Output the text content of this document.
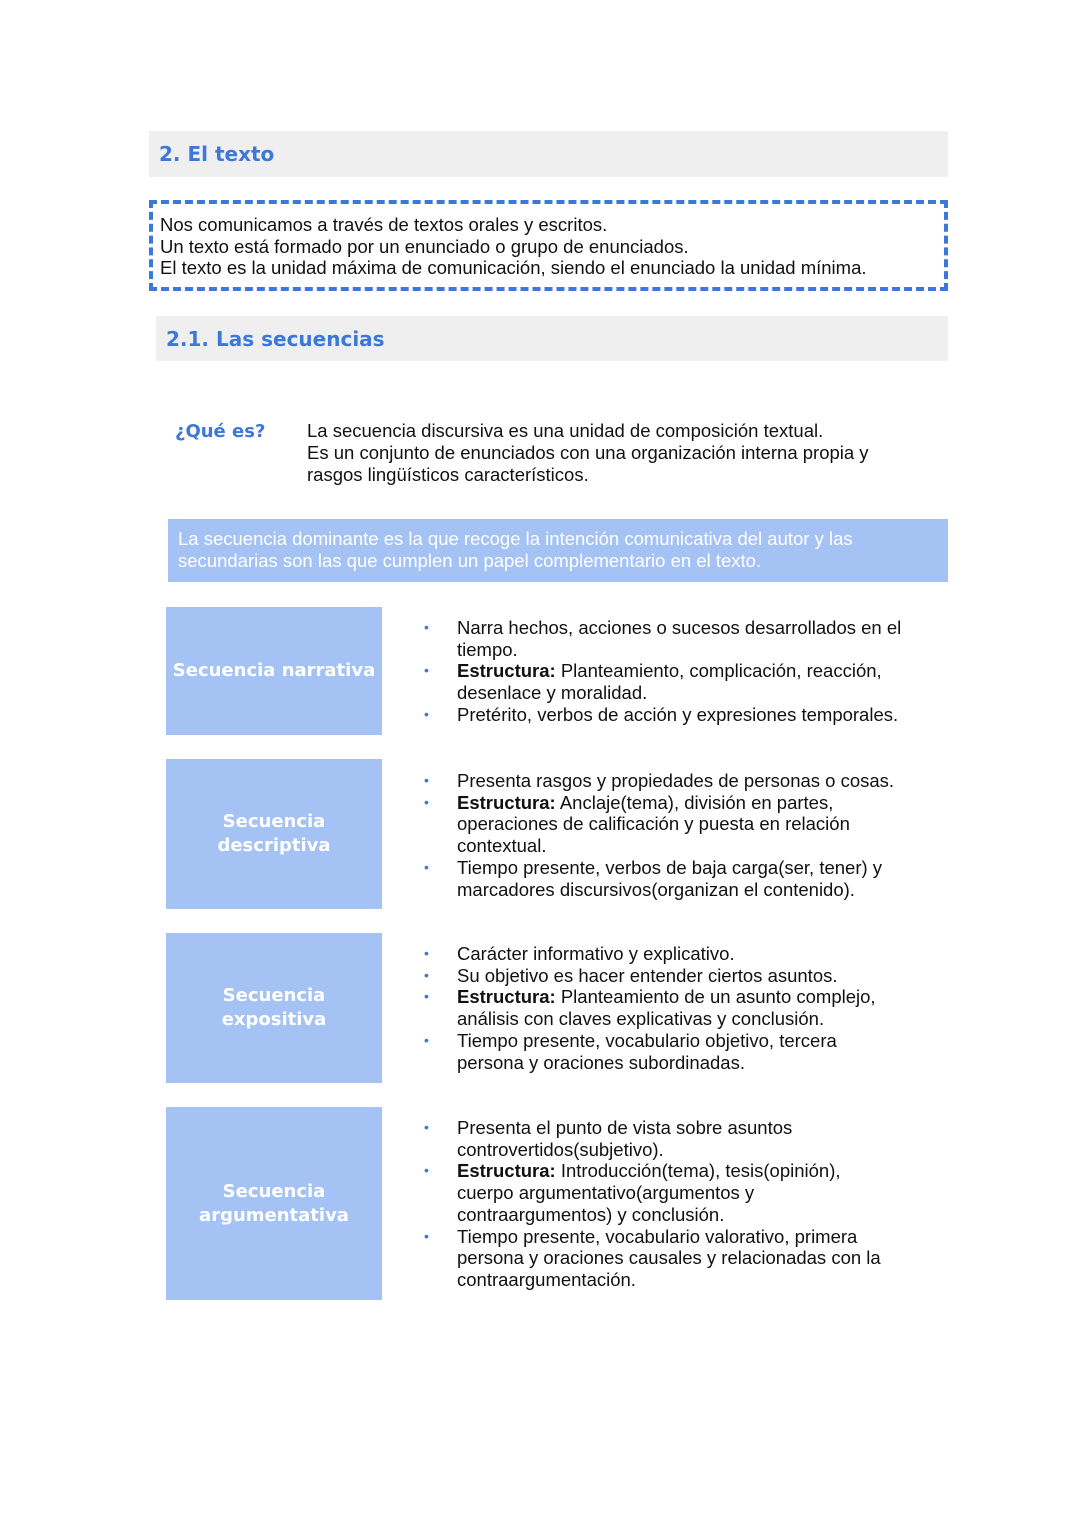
2. El texto
Nos comunicamos a través de textos orales y escritos.
Un texto está formado por un enunciado o grupo de enunciados.
El texto es la unidad máxima de comunicación, siendo el enunciado la unidad mínima.
2.1. Las secuencias
¿Qué es? La secuencia discursiva es una unidad de composición textual.
Es un conjunto de enunciados con una organización interna propia y
rasgos lingüísticos característicos.
La secuencia dominante es la que recoge la intención comunicativa del autor y las
secundarias son las que cumplen un papel complementario en el texto.
Secuencia narrativa
• Narra hechos, acciones o sucesos desarrollados en el
tiempo.
• Estructura: Planteamiento, complicación, reacción,
desenlace y moralidad.
• Pretérito, verbos de acción y expresiones temporales.
Secuencia descriptiva
• Presenta rasgos y propiedades de personas o cosas.
• Estructura: Anclaje(tema), división en partes,
operaciones de calificación y puesta en relación
contextual.
• Tiempo presente, verbos de baja carga(ser, tener) y
marcadores discursivos(organizan el contenido).
Secuencia expositiva
• Carácter informativo y explicativo.
• Su objetivo es hacer entender ciertos asuntos.
• Estructura: Planteamiento de un asunto complejo,
análisis con claves explicativas y conclusión.
• Tiempo presente, vocabulario objetivo, tercera
persona y oraciones subordinadas.
Secuencia
argumentativa
• Presenta el punto de vista sobre asuntos
controvertidos(subjetivo).
• Estructura: Introducción(tema), tesis(opinión),
cuerpo argumentativo(argumentos y
contraargumentos) y conclusión.
• Tiempo presente, vocabulario valorativo, primera
persona y oraciones causales y relacionadas con la
contraargumentación.
